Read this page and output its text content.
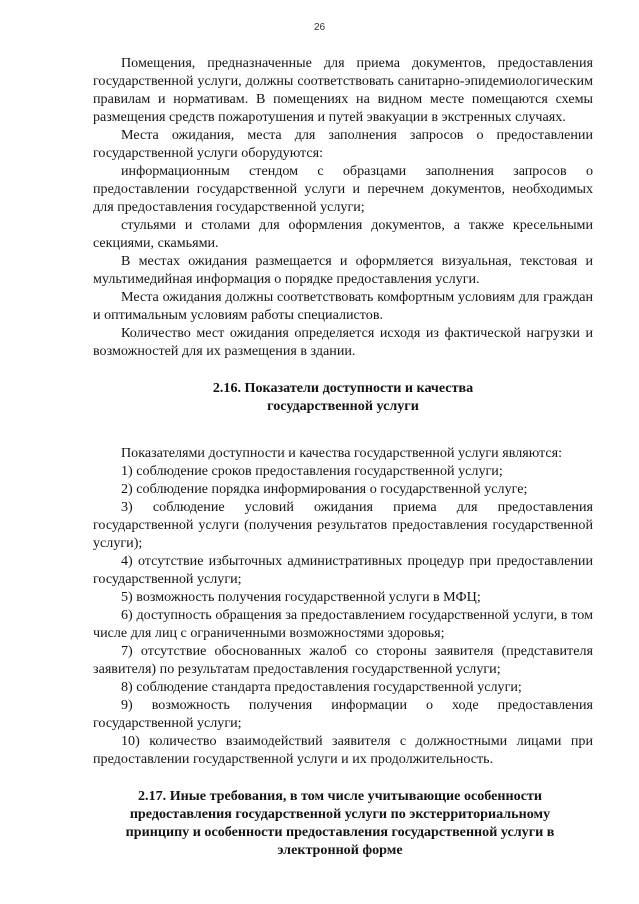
26

Помещения, предназначенные для приема документов, предоставления государственной услуги, должны соответствовать санитарно-эпидемиологическим правилам и нормативам. В помещениях на видном месте помещаются схемы размещения средств пожаротушения и путей эвакуации в экстренных случаях.

Места ожидания, места для заполнения запросов о предоставлении государственной услуги оборудуются:

информационным стендом с образцами заполнения запросов о предоставлении государственной услуги и перечнем документов, необходимых для предоставления государственной услуги;

стульями и столами для оформления документов, а также кресельными секциями, скамьями.

В местах ожидания размещается и оформляется визуальная, текстовая и мультимедийная информация о порядке предоставления услуги.

Места ожидания должны соответствовать комфортным условиям для граждан и оптимальным условиям работы специалистов.

Количество мест ожидания определяется исходя из фактической нагрузки и возможностей для их размещения в здании.

2.16. Показатели доступности и качества
государственной услуги

Показателями доступности и качества государственной услуги являются:

1) соблюдение сроков предоставления государственной услуги;

2) соблюдение порядка информирования о государственной услуге;

3) соблюдение условий ожидания приема для предоставления государственной услуги (получения результатов предоставления государственной услуги);

4) отсутствие избыточных административных процедур при предоставлении государственной услуги;

5) возможность получения государственной услуги в МФЦ;

6) доступность обращения за предоставлением государственной услуги, в том числе для лиц с ограниченными возможностями здоровья;

7) отсутствие обоснованных жалоб со стороны заявителя (представителя заявителя) по результатам предоставления государственной услуги;

8) соблюдение стандарта предоставления государственной услуги;

9) возможность получения информации о ходе предоставления государственной услуги;

10) количество взаимодействий заявителя с должностными лицами при предоставлении государственной услуги и их продолжительность.

2.17. Иные требования, в том числе учитывающие особенности
предоставления государственной услуги по экстерриториальному
принципу и особенности предоставления государственной услуги в
электронной форме
